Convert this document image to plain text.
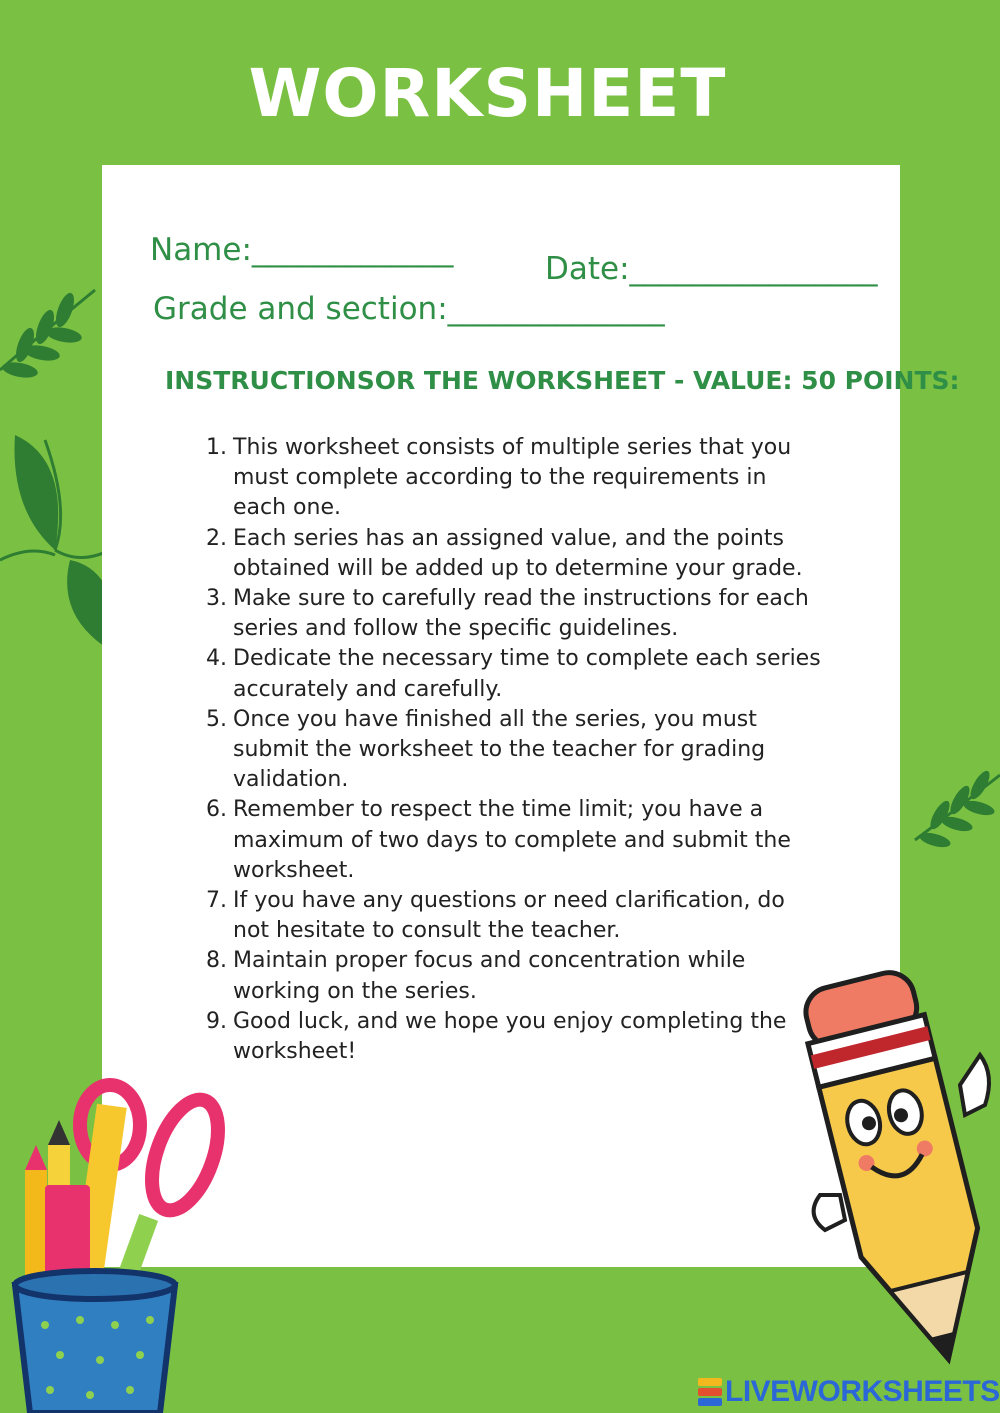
WORKSHEET
Name:_____________
Date:________________
Grade and section:______________
INSTRUCTIONSOR THE WORKSHEET - VALUE: 50 POINTS:
1. This worksheet consists of multiple series that you must complete according to the requirements in each one.
2. Each series has an assigned value, and the points obtained will be added up to determine your grade.
3. Make sure to carefully read the instructions for each series and follow the specific guidelines.
4. Dedicate the necessary time to complete each series accurately and carefully.
5. Once you have finished all the series, you must submit the worksheet to the teacher for grading validation.
6. Remember to respect the time limit; you have a maximum of two days to complete and submit the worksheet.
7. If you have any questions or need clarification, do not hesitate to consult the teacher.
8. Maintain proper focus and concentration while working on the series.
9. Good luck, and we hope you enjoy completing the worksheet!
LIVEWORKSHEETS
